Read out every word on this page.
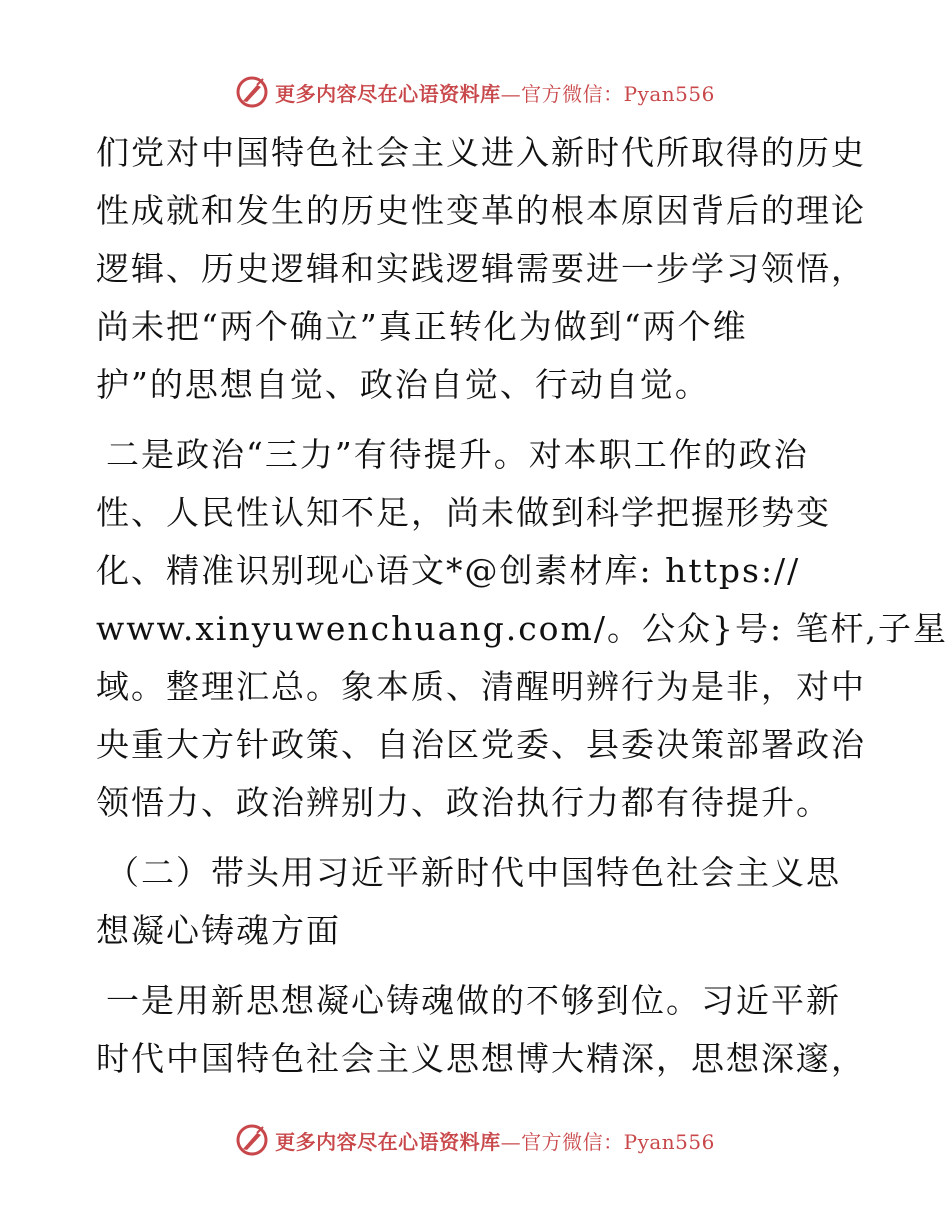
更多内容尽在心语资料库—官方微信：Pyan556
们党对中国特色社会主义进入新时代所取得的历史
性成就和发生的历史性变革的根本原因背后的理论
逻辑、历史逻辑和实践逻辑需要进一步学习领悟，
尚未把“两个确立”真正转化为做到“两个维
护”的思想自觉、政治自觉、行动自觉。
二是政治“三力”有待提升。对本职工作的政治
性、人民性认知不足，尚未做到科学把握形势变
化、精准识别现心语文*@创素材库: https://
www.xinyuwenchuang.com/。公众}号: 笔杆,子星
域。整理汇总。象本质、清醒明辨行为是非，对中
央重大方针政策、自治区党委、县委决策部署政治
领悟力、政治辨别力、政治执行力都有待提升。
（二）带头用习近平新时代中国特色社会主义思
想凝心铸魂方面
一是用新思想凝心铸魂做的不够到位。习近平新
时代中国特色社会主义思想博大精深，思想深邃，
更多内容尽在心语资料库—官方微信：Pyan556
